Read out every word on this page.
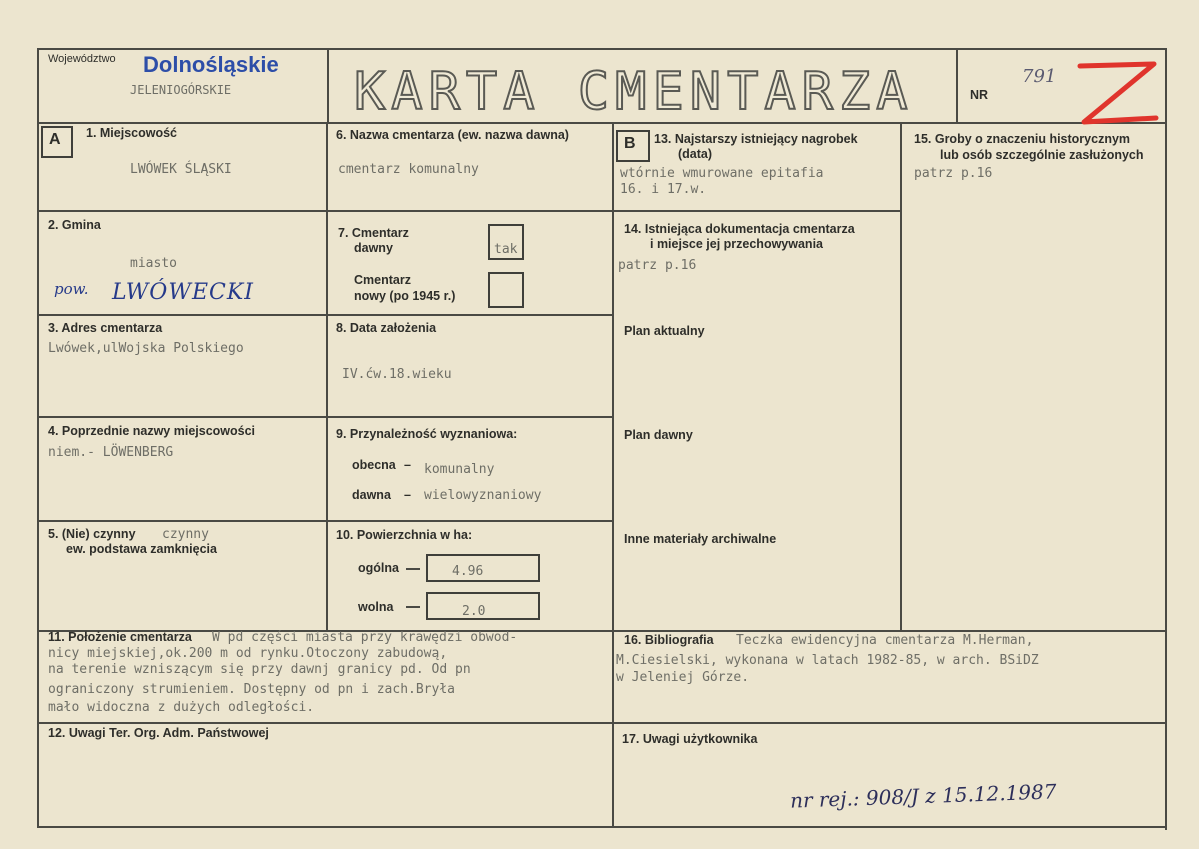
Województwo Dolnośląskie
JELENIOGÓRSKIE KARTA CMENTARZA	NR
791
A	B
1. Miejscowość
LWÓWEK ŚLĄSKI
2. Gmina
miasto
pow. LWÓWECKI
3. Adres cmentarza
Lwówek,ulWojska Polskiego
4. Poprzednie nazwy miejscowości
niem.- LÖWENBERG
5. (Nie) czynny
ew. podstawa zamknięcia
czynny
6. Nazwa cmentarza (ew. nazwa dawna)
cmentarz komunalny
7. Cmentarz
dawny	tak
Cmentarz
nowy (po 1945 r.)
8. Data założenia
IV.ćw.18.wieku
9. Przynależność wyznaniowa:
obecna – komunalny
dawna – wielowyznaniowy
10. Powierzchnia w ha:
ogólna	4.96
wolna	2.0
13. Najstarszy istniejący nagrobek
(data)
wtórnie wmurowane epitafia
16. i 17.w.
14. Istniejąca dokumentacja cmentarza
i miejsce jej przechowywania
patrz p.16
Plan aktualny
Plan dawny
Inne materiały archiwalne
15. Groby o znaczeniu historycznym
lub osób szczególnie zasłużonych
patrz p.16
11. Położenie cmentarza W pd części miasta przy krawędzi obwod-
nicy miejskiej,ok.200 m od rynku.Otoczony zabudową,
na terenie wzniszącym się przy dawnj granicy pd. Od pn
ograniczony strumieniem. Dostępny od pn i zach.Bryła
mało widoczna z dużych odległości.
16. Bibliografia Teczka ewidencyjna cmentarza M.Herman,
M.Ciesielski, wykonana w latach 1982-85, w arch. BSiDZ
w Jeleniej Górze.
12. Uwagi Ter. Org. Adm. Państwowej	17. Uwagi użytkownika
nr rej.: 908/J z 15.12.1987
